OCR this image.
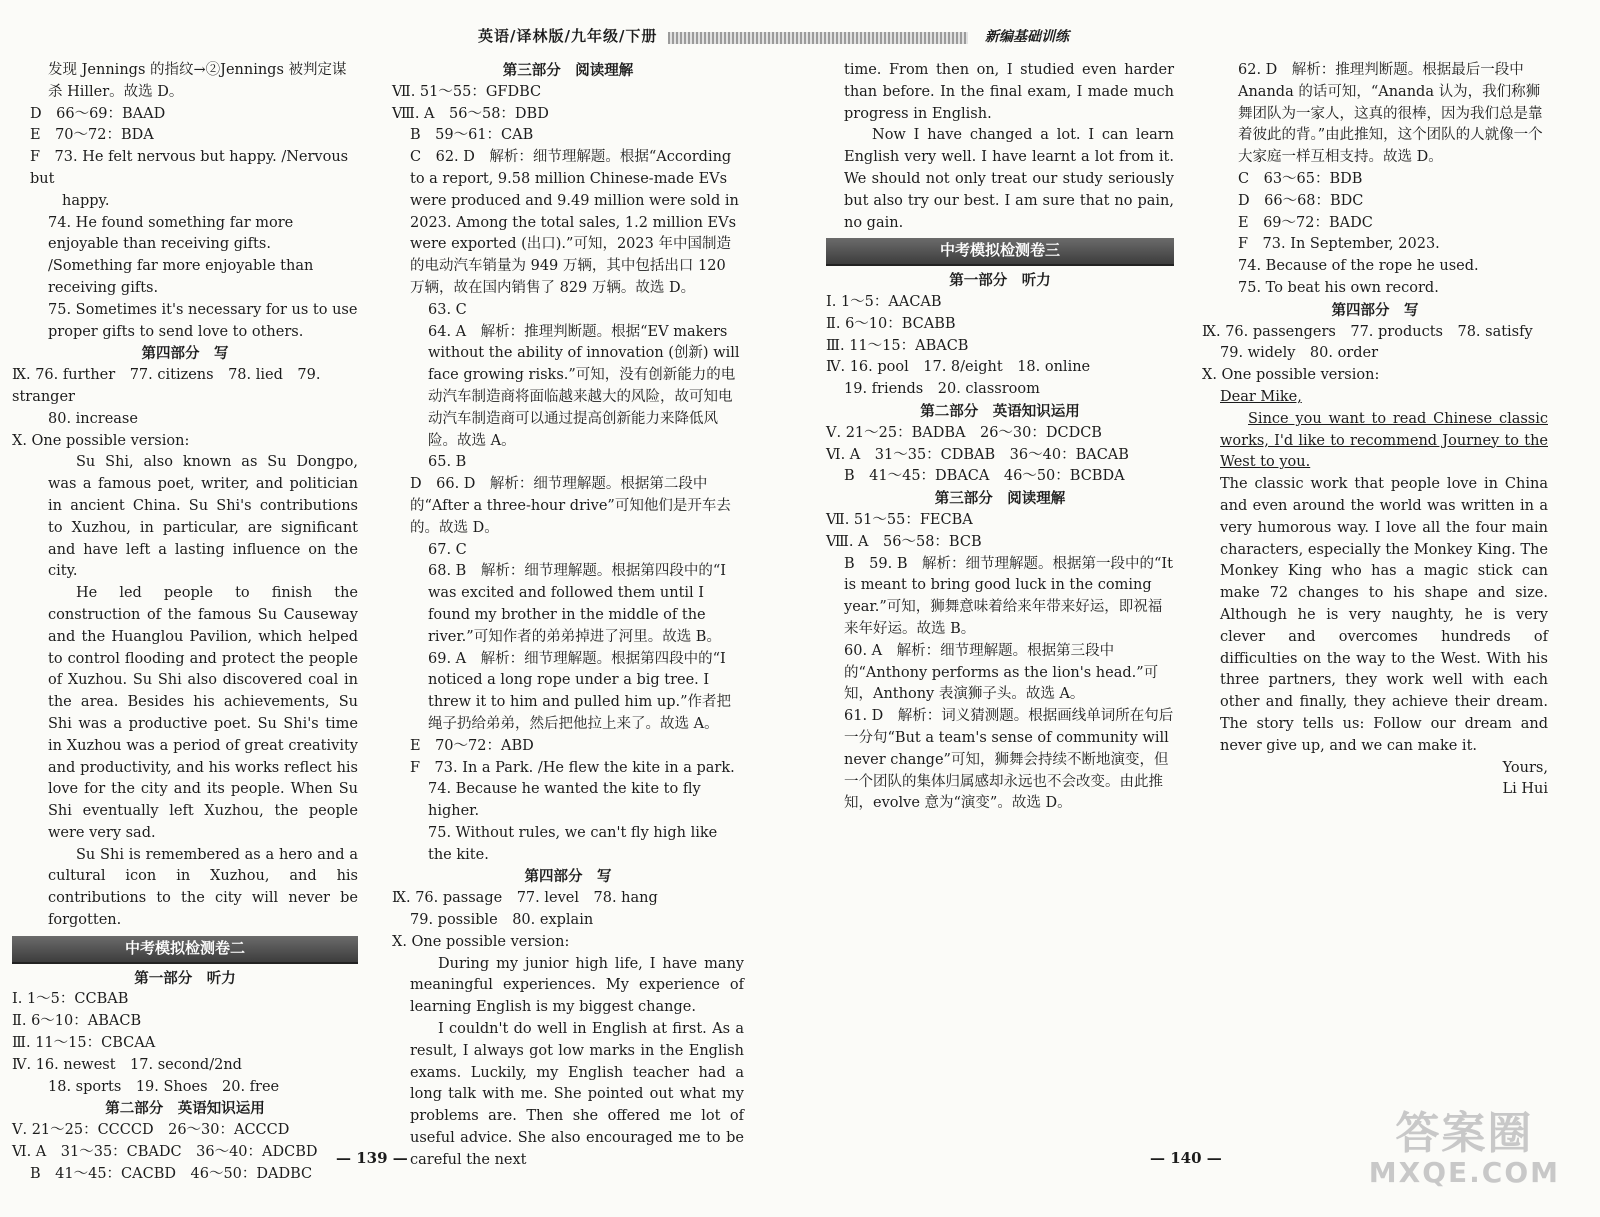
英语/译林版/九年级/下册	新编基础训练

发现 Jennings 的指纹→②Jennings 被判定谋

杀 Hiller。故选 D。

D　66～69：BAAD

E　70～72：BDA

F　73. He felt nervous but happy. /Nervous but

happy.

74. He found something far more enjoyable than receiving gifts. /Something far more enjoyable than receiving gifts.

75. Sometimes it's necessary for us to use proper gifts to send love to others.

第四部分　写

Ⅸ. 76. further　77. citizens　78. lied　79. stranger

80. increase

Ⅹ. One possible version:

Su Shi, also known as Su Dongpo, was a famous poet, writer, and politician in ancient China. Su Shi's contributions to Xuzhou, in particular, are significant and have left a lasting influence on the city.

He led people to finish the construction of the famous Su Causeway and the Huanglou Pavilion, which helped to control flooding and protect the people of Xuzhou. Su Shi also discovered coal in the area. Besides his achievements, Su Shi was a productive poet. Su Shi's time in Xuzhou was a period of great creativity and productivity, and his works reflect his love for the city and its people. When Su Shi eventually left Xuzhou, the people were very sad.

Su Shi is remembered as a hero and a cultural icon in Xuzhou, and his contributions to the city will never be forgotten.

中考模拟检测卷二

第一部分　听力

Ⅰ. 1～5：CCBAB

Ⅱ. 6～10：ABACB

Ⅲ. 11～15：CBCAA

Ⅳ. 16. newest　17. second/2nd

18. sports　19. Shoes　20. free

第二部分　英语知识运用

Ⅴ. 21～25：CCCCD　26～30：ACCCD

Ⅵ. A　31～35：CBADC　36～40：ADCBD

B　41～45：CACBD　46～50：DADBC

第三部分　阅读理解

Ⅶ. 51～55：GFDBC

Ⅷ. A　56～58：DBD

B　59～61：CAB

C　62. D　解析：细节理解题。根据“According to a report, 9.58 million Chinese-made EVs were produced and 9.49 million were sold in 2023. Among the total sales, 1.2 million EVs were exported (出口).”可知，2023 年中国制造的电动汽车销量为 949 万辆，其中包括出口 120 万辆，故在国内销售了 829 万辆。故选 D。

63. C

64. A　解析：推理判断题。根据“EV makers without the ability of innovation (创新) will face growing risks.”可知，没有创新能力的电动汽车制造商将面临越来越大的风险，故可知电动汽车制造商可以通过提高创新能力来降低风险。故选 A。

65. B

D　66. D　解析：细节理解题。根据第二段中的“After a three-hour drive”可知他们是开车去的。故选 D。

67. C

68. B　解析：细节理解题。根据第四段中的“I was excited and followed them until I found my brother in the middle of the river.”可知作者的弟弟掉进了河里。故选 B。

69. A　解析：细节理解题。根据第四段中的“I noticed a long rope under a big tree. I threw it to him and pulled him up.”作者把绳子扔给弟弟，然后把他拉上来了。故选 A。

E　70～72：ABD

F　73. In a Park. /He flew the kite in a park.

74. Because he wanted the kite to fly higher.

75. Without rules, we can't fly high like the kite.

第四部分　写

Ⅸ. 76. passage　77. level　78. hang

79. possible　80. explain

Ⅹ. One possible version:

During my junior high life, I have many meaningful experiences. My experience of learning English is my biggest change.

I couldn't do well in English at first. As a result, I always got low marks in the English exams. Luckily, my English teacher had a long talk with me. She pointed out what my problems are. Then she offered me lot of useful advice. She also encouraged me to be careful the next

time. From then on, I studied even harder than before. In the final exam, I made much progress in English.

Now I have changed a lot. I can learn English very well. I have learnt a lot from it. We should not only treat our study seriously but also try our best. I am sure that no pain, no gain.

中考模拟检测卷三

第一部分　听力

Ⅰ. 1～5：AACAB

Ⅱ. 6～10：BCABB

Ⅲ. 11～15：ABACB

Ⅳ. 16. pool　17. 8/eight　18. online

19. friends　20. classroom

第二部分　英语知识运用

Ⅴ. 21～25：BADBA　26～30：DCDCB

Ⅵ. A　31～35：CDBAB　36～40：BACAB

B　41～45：DBACA　46～50：BCBDA

第三部分　阅读理解

Ⅶ. 51～55：FECBA

Ⅷ. A　56～58：BCB

B　59. B　解析：细节理解题。根据第一段中的“It is meant to bring good luck in the coming year.”可知，狮舞意味着给来年带来好运，即祝福来年好运。故选 B。

60. A　解析：细节理解题。根据第三段中的“Anthony performs as the lion's head.”可知，Anthony 表演狮子头。故选 A。

61. D　解析：词义猜测题。根据画线单词所在句后一分句“But a team's sense of community will never change”可知，狮舞会持续不断地演变，但一个团队的集体归属感却永远也不会改变。由此推知，evolve 意为“演变”。故选 D。

62. D　解析：推理判断题。根据最后一段中 Ananda 的话可知，“Ananda 认为，我们称狮舞团队为一家人，这真的很棒，因为我们总是靠着彼此的背。”由此推知，这个团队的人就像一个大家庭一样互相支持。故选 D。

C　63～65：BDB

D　66～68：BDC

E　69～72：BADC

F　73. In September, 2023.

74. Because of the rope he used.

75. To beat his own record.

第四部分　写

Ⅸ. 76. passengers　77. products　78. satisfy

79. widely　80. order

Ⅹ. One possible version:

Dear Mike,

Since you want to read Chinese classic works, I'd like to recommend Journey to the West to you.

The classic work that people love in China and even around the world was written in a very humorous way. I love all the four main characters, especially the Monkey King. The Monkey King who has a magic stick can make 72 changes to his shape and size. Although he is very naughty, he is very clever and overcomes hundreds of difficulties on the way to the West. With his three partners, they work well with each other and finally, they achieve their dream. The story tells us: Follow our dream and never give up, and we can make it.

Yours,

Li Hui

— 139 —	— 140 —	答案圈
MXQE.COM
